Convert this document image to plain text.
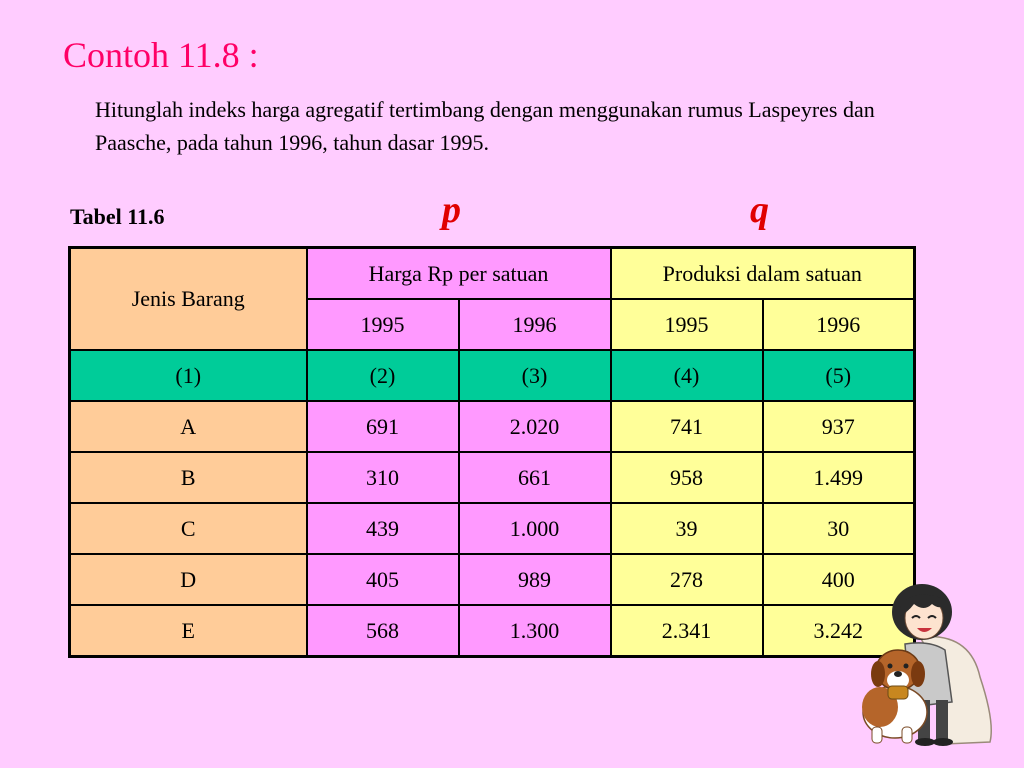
Contoh 11.8 :
Hitunglah indeks harga agregatif tertimbang dengan menggunakan rumus Laspeyres dan Paasche, pada tahun 1996, tahun dasar 1995.
Tabel 11.6	p	q
Jenis Barang	Harga Rp per satuan		Produksi dalam satuan	
	1995	1996	1995	1996
(1)	(2)	(3)	(4)	(5)
A	691	2.020	741	937
B	310	661	958	1.499
C	439	1.000	39	30
D	405	989	278	400
E	568	1.300	2.341	3.242
